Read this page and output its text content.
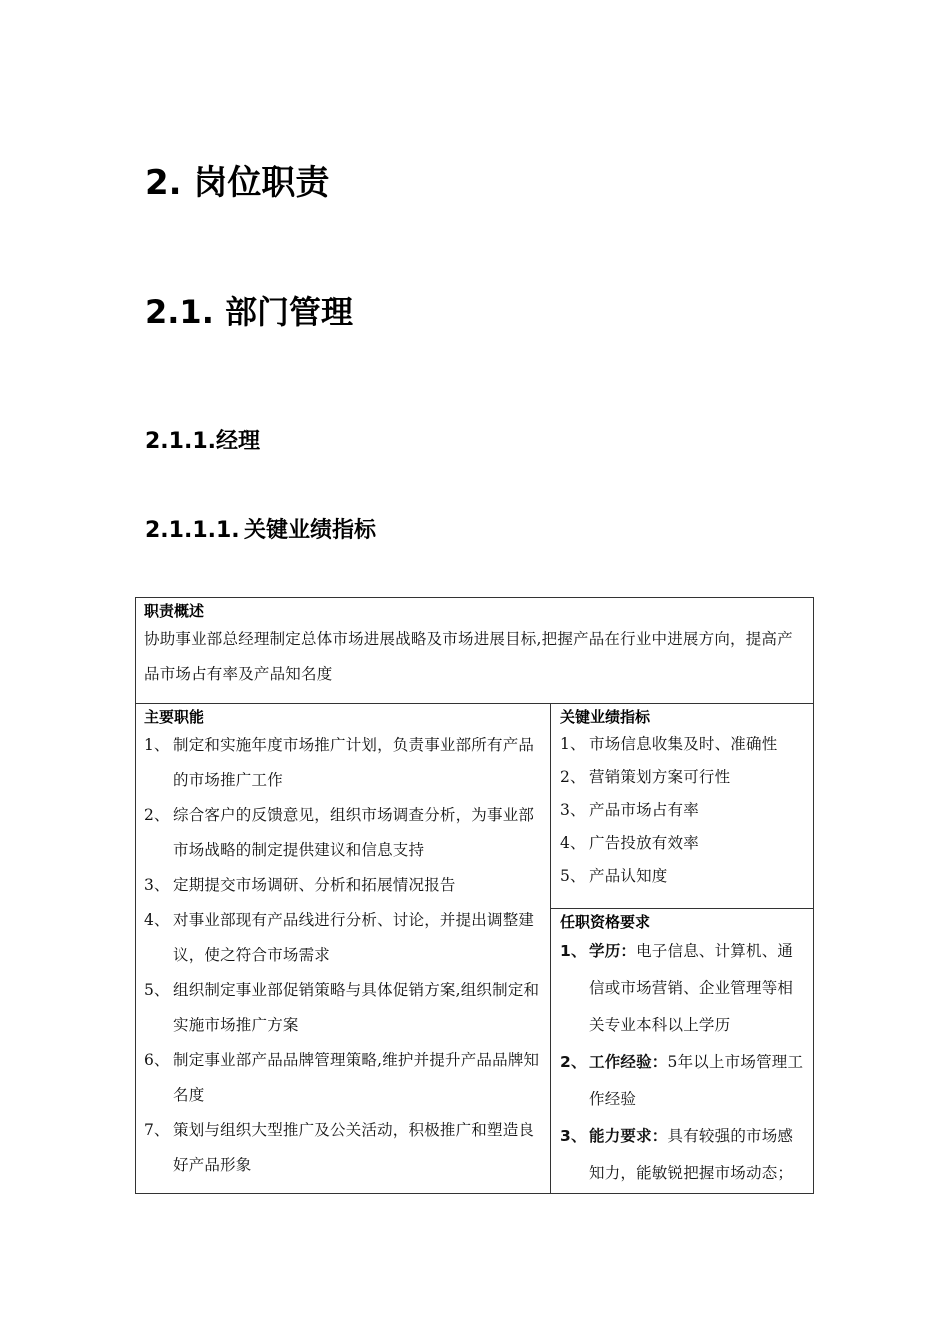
2. 岗位职责
2.1. 部门管理
2.1.1.经理
2.1.1.1. 关键业绩指标

职责概述

协助事业部总经理制定总体市场进展战略及市场进展目标,把握产品在行业中进展方向，提高产品市场占有率及产品知名度

主要职能

1、 制定和实施年度市场推广计划，负责事业部所有产品的市场推广工作
2、 综合客户的反馈意见，组织市场调查分析，为事业部市场战略的制定提供建议和信息支持
3、 定期提交市场调研、分析和拓展情况报告
4、 对事业部现有产品线进行分析、讨论，并提出调整建议，使之符合市场需求
5、 组织制定事业部促销策略与具体促销方案,组织制定和实施市场推广方案
6、 制定事业部产品品牌管理策略,维护并提升产品品牌知名度
7、 策划与组织大型推广及公关活动，积极推广和塑造良好产品形象

关键业绩指标

1、 市场信息收集及时、准确性
2、 营销策划方案可行性
3、 产品市场占有率
4、 广告投放有效率
5、 产品认知度

任职资格要求

1、 学历：电子信息、计算机、通信或市场营销、企业管理等相关专业本科以上学历
2、 工作经验：5年以上市场管理工作经验
3、 能力要求：具有较强的市场感知力，能敏锐把握市场动态；
